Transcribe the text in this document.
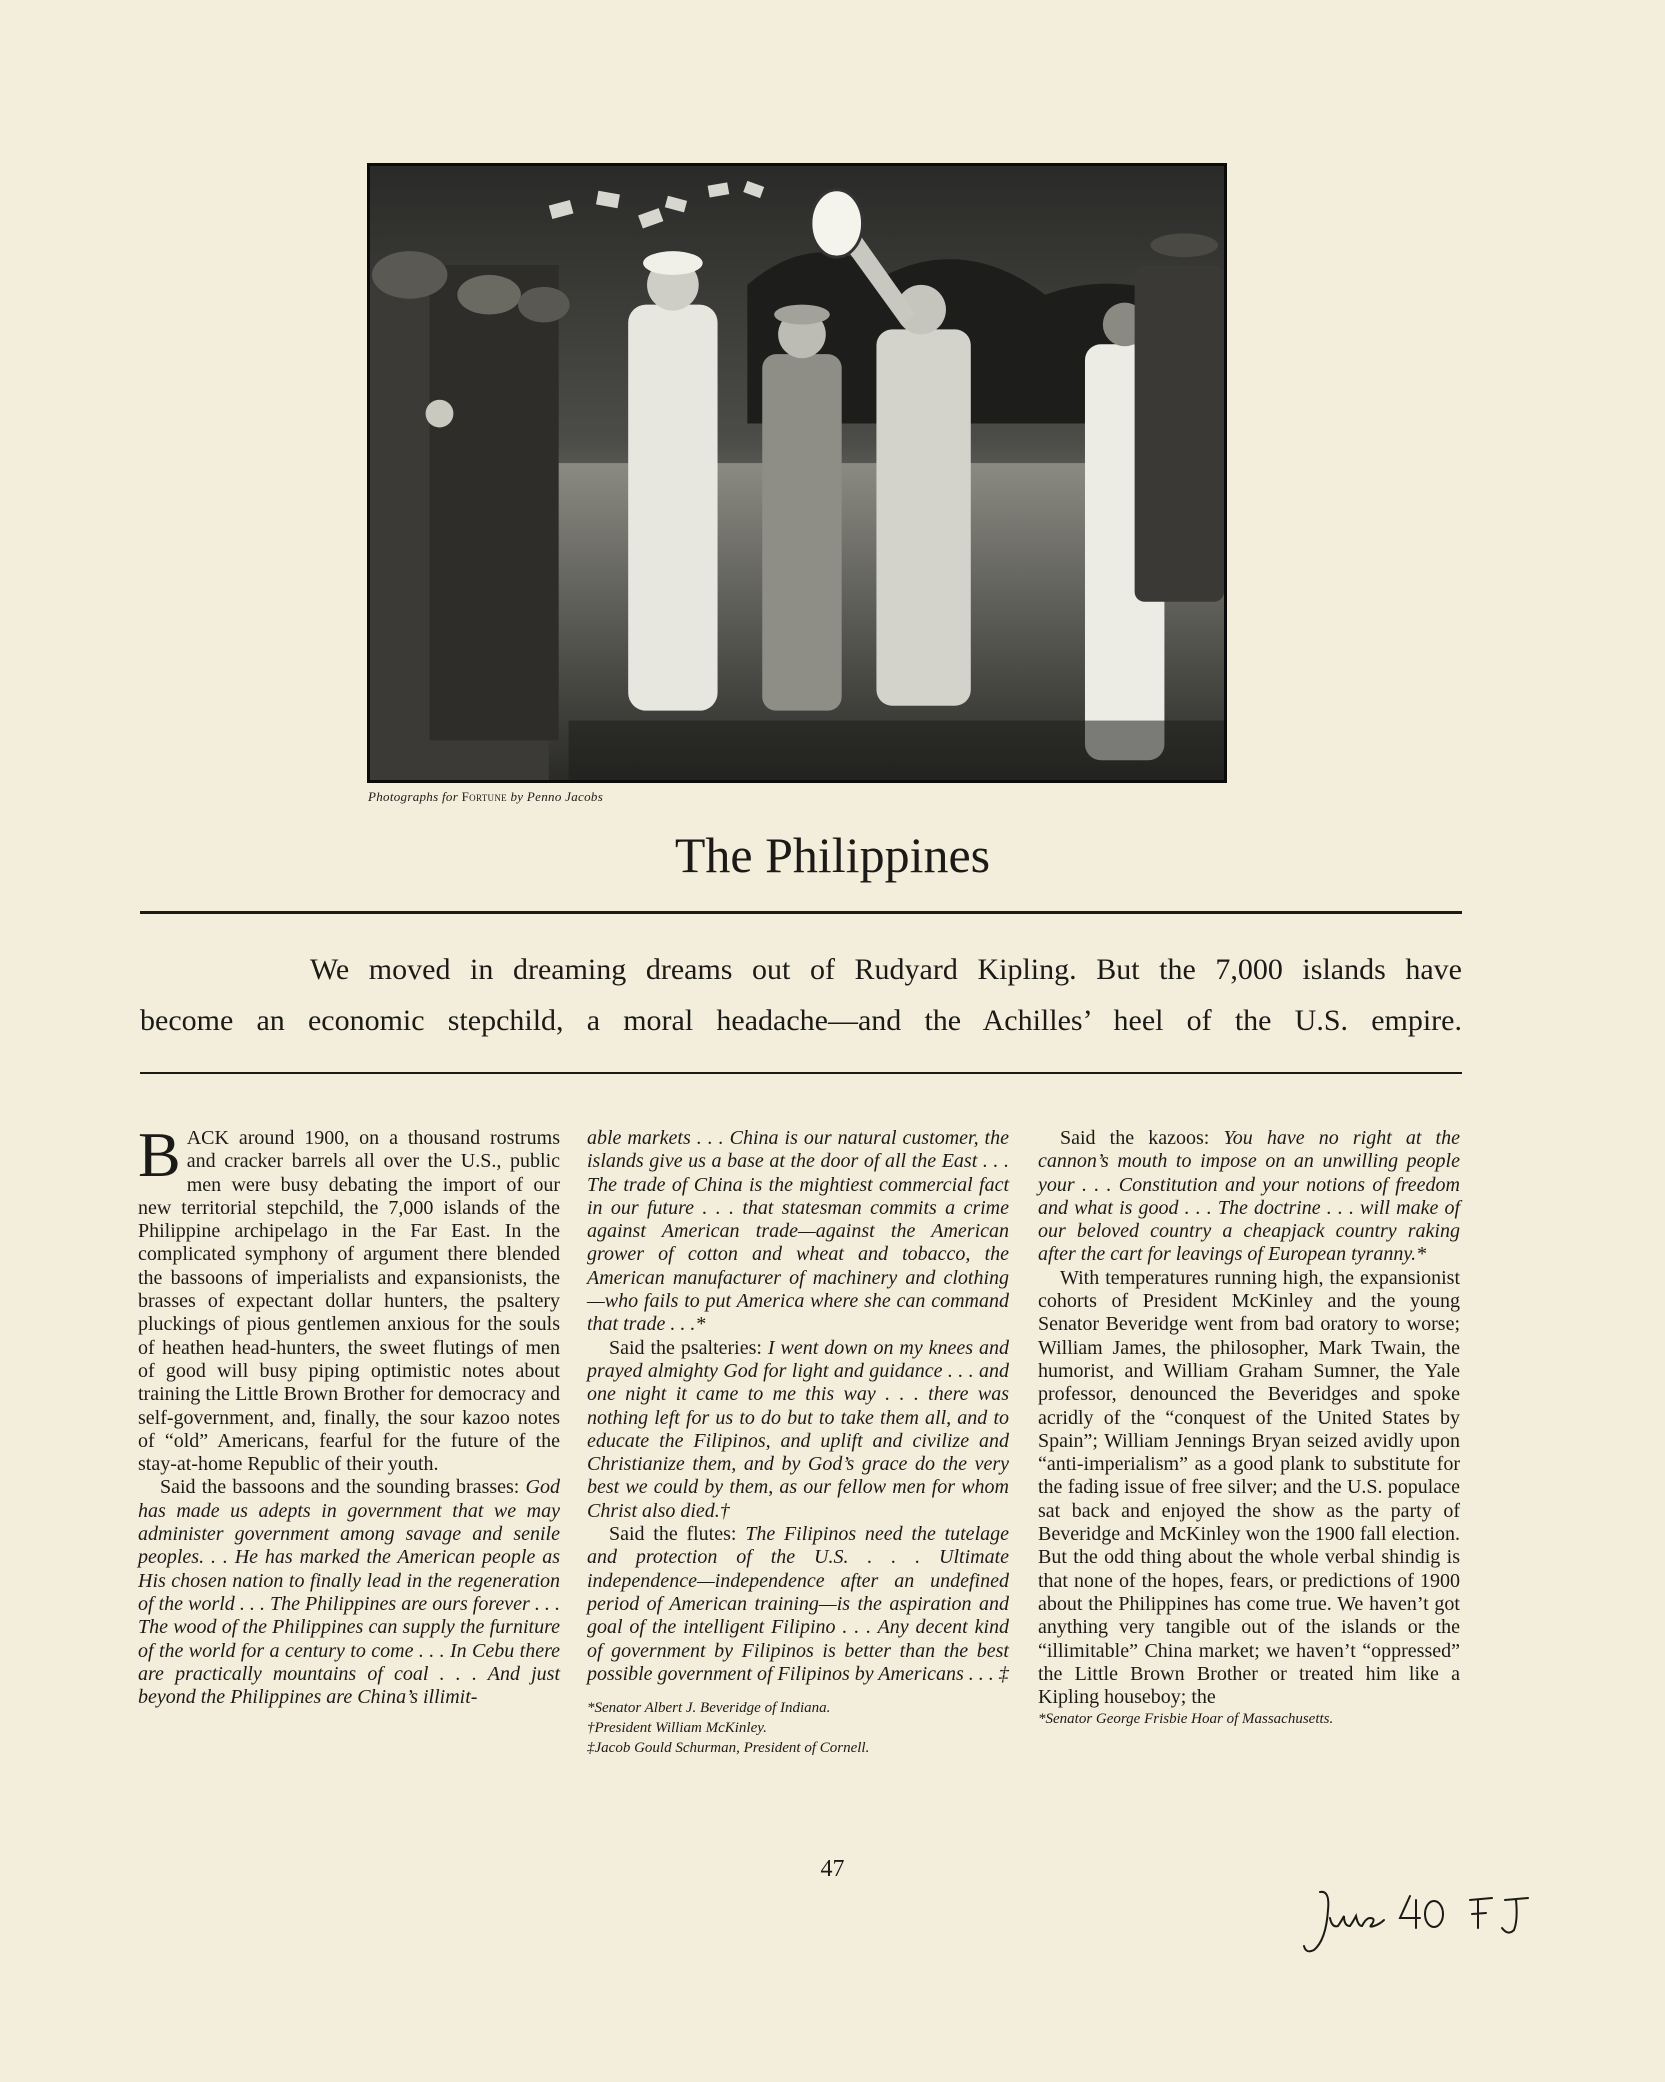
Photographs for Fortune by Penno Jacobs
The Philippines

We moved in dreaming dreams out of Rudyard Kipling. But the 7,000 islands have
become an economic stepchild, a moral headache—and the Achilles’ heel of the U.S. empire.

BACK around 1900, on a thousand rostrums and cracker barrels all over the U.S., public men were busy debating the import of our new territorial stepchild, the 7,000 islands of the Philippine archipelago in the Far East. In the complicated symphony of argument there blended the bassoons of imperialists and expansionists, the brasses of expectant dollar hunters, the psaltery pluckings of pious gentlemen anxious for the souls of heathen head-hunters, the sweet flutings of men of good will busy piping optimistic notes about training the Little Brown Brother for democracy and self-government, and, finally, the sour kazoo notes of “old” Americans, fearful for the future of the stay-at-home Republic of their youth.

Said the bassoons and the sounding brasses: God has made us adepts in government that we may administer government among savage and senile peoples. . . He has marked the American people as His chosen nation to finally lead in the regeneration of the world . . . The Philippines are ours forever . . . The wood of the Philippines can supply the furniture of the world for a century to come . . . In Cebu there are practically mountains of coal . . . And just beyond the Philippines are China’s illimit-

able markets . . . China is our natural customer, the islands give us a base at the door of all the East . . . The trade of China is the mightiest commercial fact in our future . . . that statesman commits a crime against American trade—against the American grower of cotton and wheat and tobacco, the American manufacturer of machinery and clothing—who fails to put America where she can command that trade . . .*

Said the psalteries: I went down on my knees and prayed almighty God for light and guidance . . . and one night it came to me this way . . . there was nothing left for us to do but to take them all, and to educate the Filipinos, and uplift and civilize and Christianize them, and by God’s grace do the very best we could by them, as our fellow men for whom Christ also died.†

Said the flutes: The Filipinos need the tutelage and protection of the U.S. . . . Ultimate independence—independence after an undefined period of American training—is the aspiration and goal of the intelligent Filipino . . . Any decent kind of government by Filipinos is better than the best possible government of Filipinos by Americans . . . ‡

*Senator Albert J. Beveridge of Indiana.

†President William McKinley.

‡Jacob Gould Schurman, President of Cornell.

Said the kazoos: You have no right at the cannon’s mouth to impose on an unwilling people your . . . Constitution and your notions of freedom and what is good . . . The doctrine . . . will make of our beloved country a cheapjack country raking after the cart for leavings of European tyranny.*

With temperatures running high, the expansionist cohorts of President McKinley and the young Senator Beveridge went from bad oratory to worse; William James, the philosopher, Mark Twain, the humorist, and William Graham Sumner, the Yale professor, denounced the Beveridges and spoke acridly of the “conquest of the United States by Spain”; William Jennings Bryan seized avidly upon “anti-imperialism” as a good plank to substitute for the fading issue of free silver; and the U.S. populace sat back and enjoyed the show as the party of Beveridge and McKinley won the 1900 fall election. But the odd thing about the whole verbal shindig is that none of the hopes, fears, or predictions of 1900 about the Philippines has come true. We haven’t got anything very tangible out of the islands or the “illimitable” China market; we haven’t “oppressed” the Little Brown Brother or treated him like a Kipling houseboy; the

*Senator George Frisbie Hoar of Massachusetts.

47
